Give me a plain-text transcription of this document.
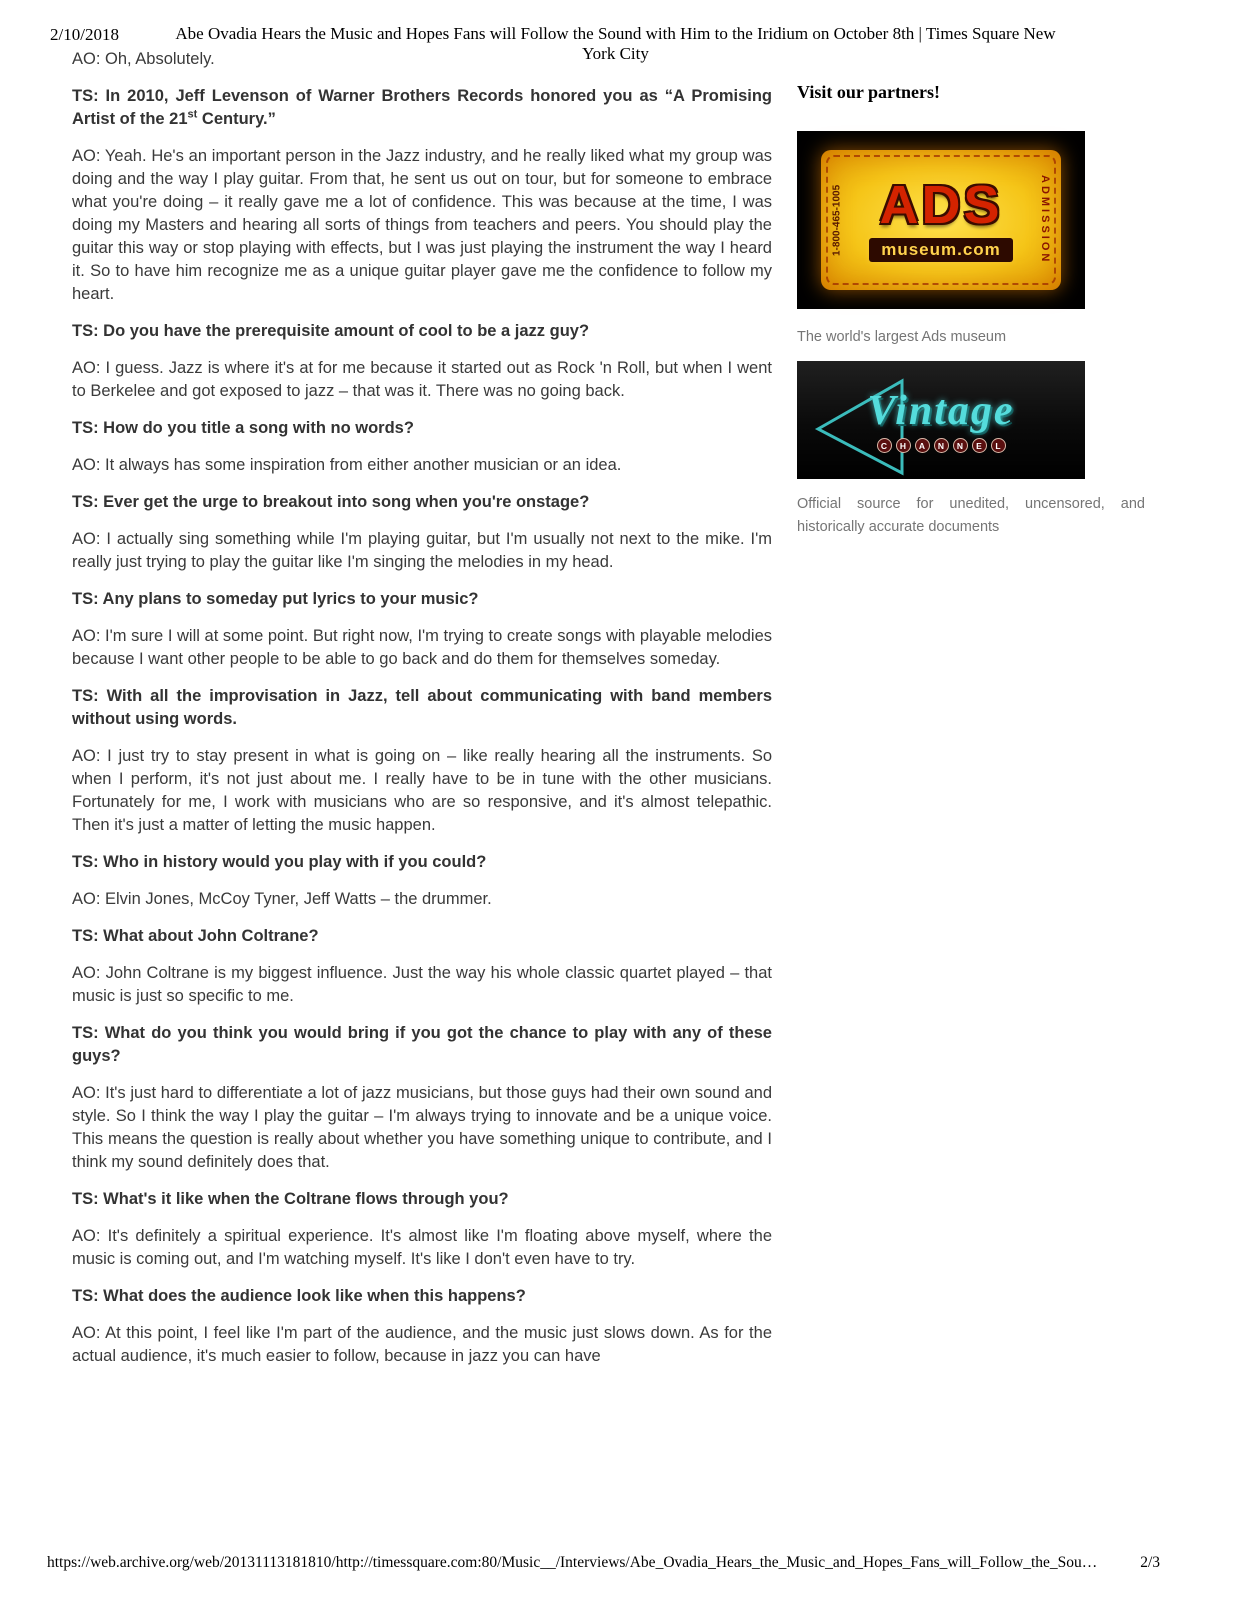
2/10/2018	Abe Ovadia Hears the Music and Hopes Fans will Follow the Sound with Him to the Iridium on October 8th | Times Square New York City

AO: Oh, Absolutely.

TS: In 2010, Jeff Levenson of Warner Brothers Records honored you as “A Promising Artist of the 21st Century.”

AO: Yeah. He's an important person in the Jazz industry, and he really liked what my group was doing and the way I play guitar. From that, he sent us out on tour, but for someone to embrace what you're doing – it really gave me a lot of confidence. This was because at the time, I was doing my Masters and hearing all sorts of things from teachers and peers. You should play the guitar this way or stop playing with effects, but I was just playing the instrument the way I heard it. So to have him recognize me as a unique guitar player gave me the confidence to follow my heart.

TS: Do you have the prerequisite amount of cool to be a jazz guy?

AO: I guess. Jazz is where it's at for me because it started out as Rock 'n Roll, but when I went to Berkelee and got exposed to jazz – that was it. There was no going back.

TS: How do you title a song with no words?

AO: It always has some inspiration from either another musician or an idea.

TS: Ever get the urge to breakout into song when you're onstage?

AO: I actually sing something while I'm playing guitar, but I'm usually not next to the mike. I'm really just trying to play the guitar like I'm singing the melodies in my head.

TS: Any plans to someday put lyrics to your music?

AO: I'm sure I will at some point. But right now, I'm trying to create songs with playable melodies because I want other people to be able to go back and do them for themselves someday.

TS: With all the improvisation in Jazz, tell about communicating with band members without using words.

AO: I just try to stay present in what is going on – like really hearing all the instruments. So when I perform, it's not just about me. I really have to be in tune with the other musicians. Fortunately for me, I work with musicians who are so responsive, and it's almost telepathic. Then it's just a matter of letting the music happen.

TS: Who in history would you play with if you could?

AO: Elvin Jones, McCoy Tyner, Jeff Watts – the drummer.

TS: What about John Coltrane?

AO: John Coltrane is my biggest influence. Just the way his whole classic quartet played – that music is just so specific to me.

TS: What do you think you would bring if you got the chance to play with any of these guys?

AO: It's just hard to differentiate a lot of jazz musicians, but those guys had their own sound and style. So I think the way I play the guitar – I'm always trying to innovate and be a unique voice. This means the question is really about whether you have something unique to contribute, and I think my sound definitely does that.

TS: What's it like when the Coltrane flows through you?

AO: It's definitely a spiritual experience. It's almost like I'm floating above myself, where the music is coming out, and I'm watching myself. It's like I don't even have to try.

TS: What does the audience look like when this happens?

AO: At this point, I feel like I'm part of the audience, and the music just slows down. As for the actual audience, it's much easier to follow, because in jazz you can have

Visit our partners!
1-800-465-1005 ADS
museum.com	ADMISSION

The world's largest Ads museum

Vintage
C	H	A	N	N	E	L

Official source for unedited, uncensored, and historically accurate documents

https://web.archive.org/web/20131113181810/http://timessquare.com:80/Music__/Interviews/Abe_Ovadia_Hears_the_Music_and_Hopes_Fans_will_Follow_the_Sou…	2/3
